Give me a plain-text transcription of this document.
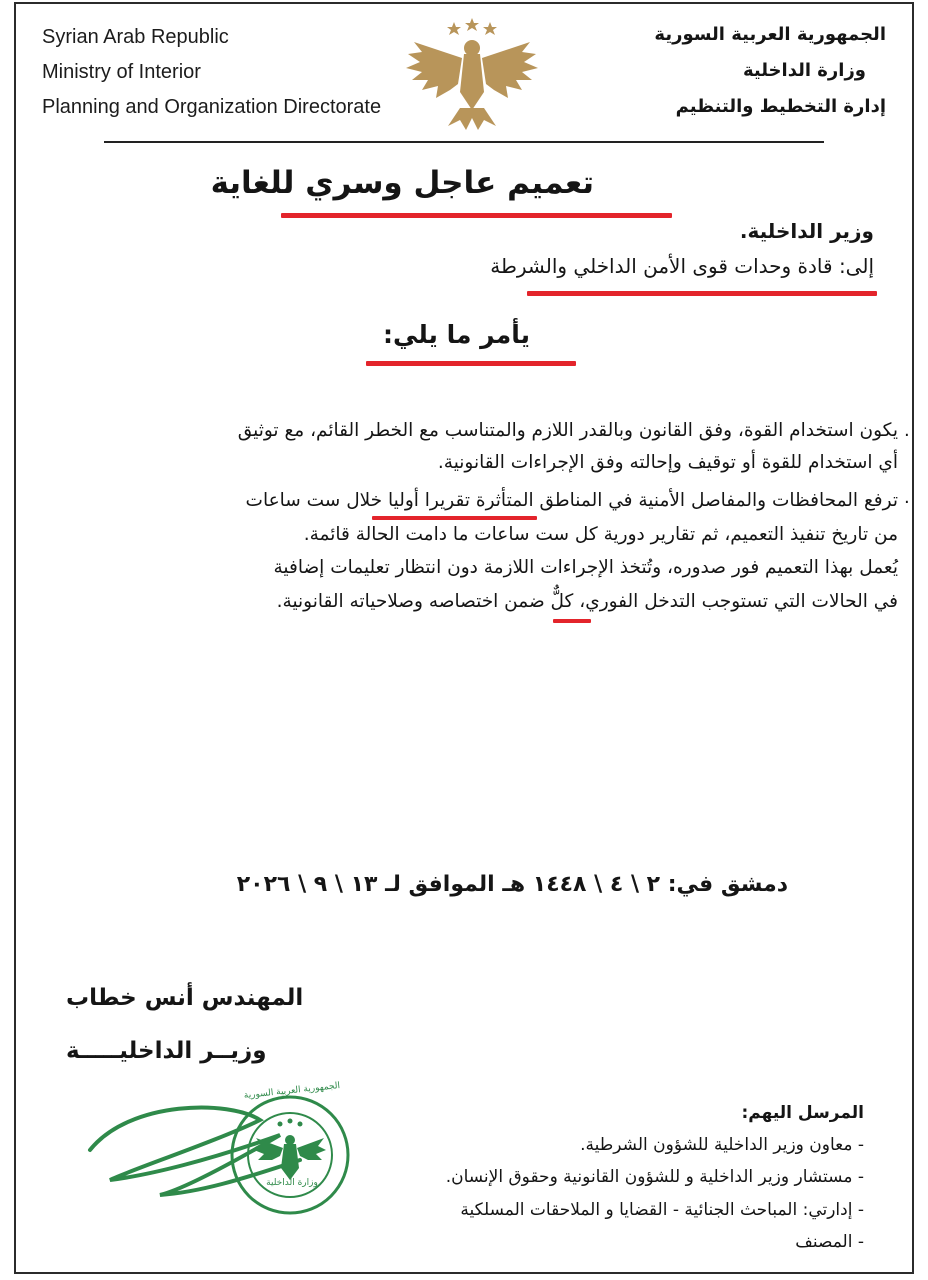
Syrian Arab Republic
Ministry of Interior
Planning and Organization Directorate
الجمهورية العربية السورية
وزارة الداخلية
إدارة التخطيط والتنظيم
تعميم عاجل وسري للغاية
وزير الداخلية.
إلى: قادة وحدات قوى الأمن الداخلي والشرطة
يأمر ما يلي:
.
.
يكون استخدام القوة، وفق القانون وبالقدر اللازم والمتناسب مع الخطر القائم، مع توثيق
أي استخدام للقوة أو توقيف وإحالته وفق الإجراءات القانونية.
ترفع المحافظات والمفاصل الأمنية في المناطق المتأثرة تقريرا أوليا خلال ست ساعات
من تاريخ تنفيذ التعميم، ثم تقارير دورية كل ست ساعات ما دامت الحالة قائمة.
يُعمل بهذا التعميم فور صدوره، وتُتخذ الإجراءات اللازمة دون انتظار تعليمات إضافية
في الحالات التي تستوجب التدخل الفوري، كلٌّ ضمن اختصاصه وصلاحياته القانونية.
دمشق في: ٢ \ ٤ \ ١٤٤٨ هـ الموافق لـ ١٣ \ ٩ \ ٢٠٢٦
المهندس أنس خطاب
وزيــر الداخليـــــة
الجمهورية العربية السورية
وزارة الداخلية
المرسل اليهم:
- معاون وزير الداخلية للشؤون الشرطية.
- مستشار وزير الداخلية و للشؤون القانونية وحقوق الإنسان.
- إدارتي: المباحث الجنائية - القضايا و الملاحقات المسلكية
- المصنف
